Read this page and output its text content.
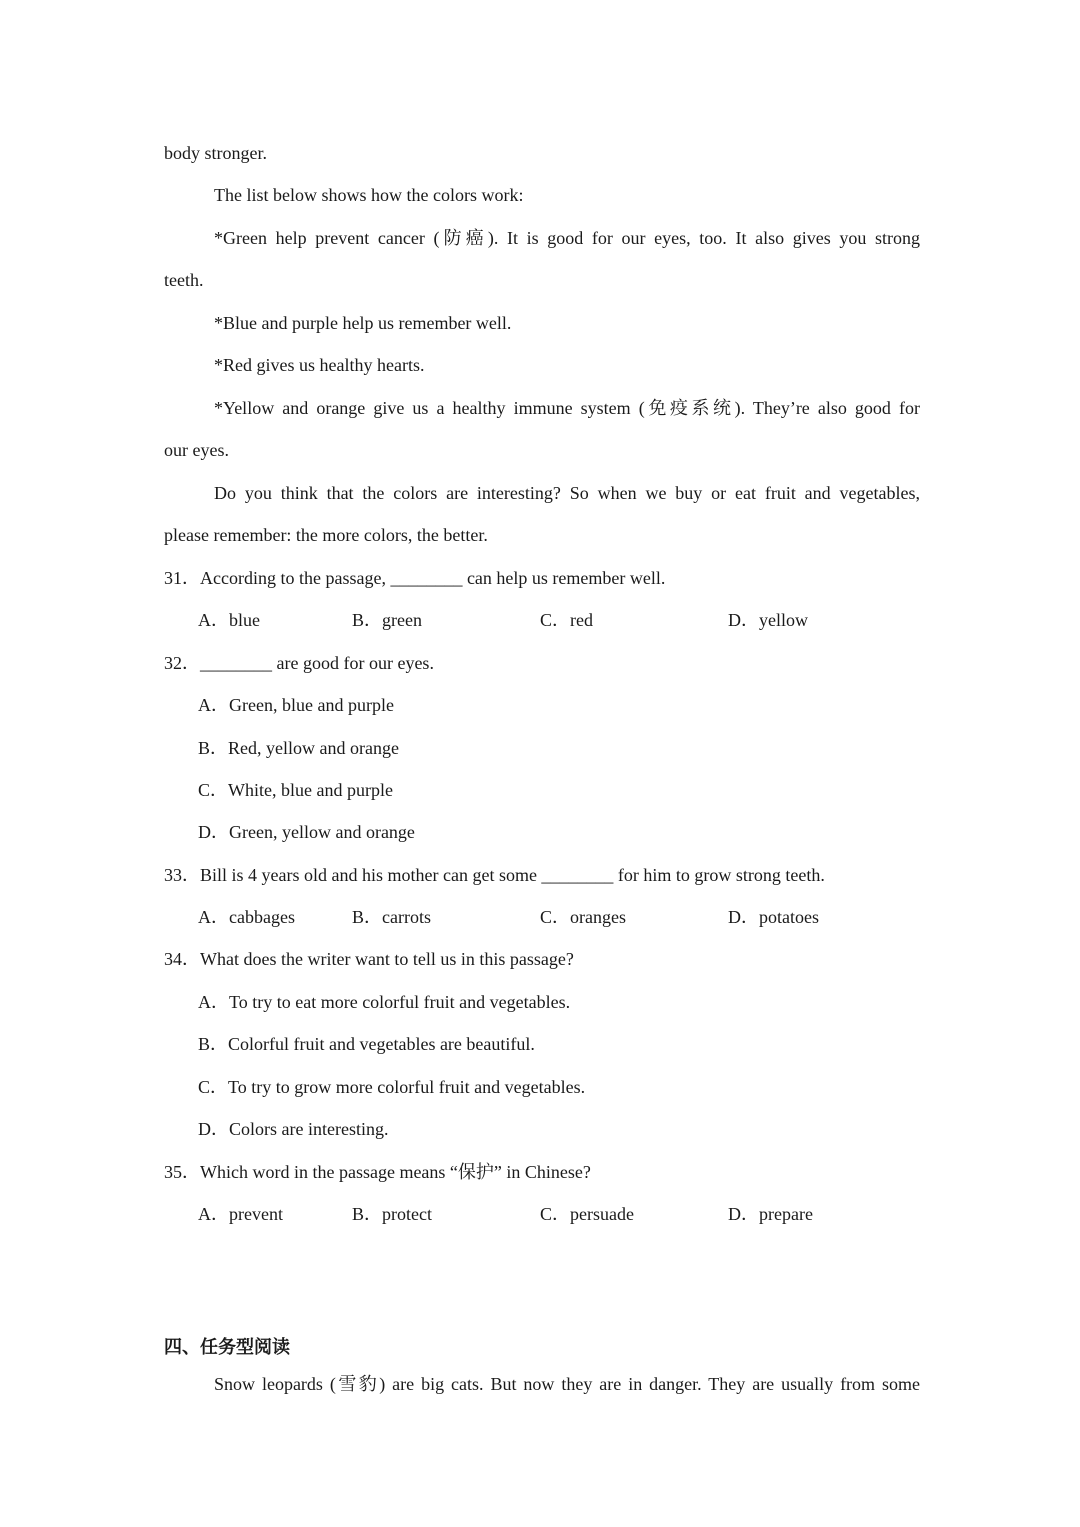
body stronger.
The list below shows how the colors work:
*Green help prevent cancer (防癌). It is good for our eyes, too. It also gives you strong
teeth.
*Blue and purple help us remember well.
*Red gives us healthy hearts.
*Yellow and orange give us a healthy immune system (免疫系统). They’re also good for
our eyes.
Do you think that the colors are interesting? So when we buy or eat fruit and vegetables,
please remember: the more colors, the better.
31．According to the passage, ________ can help us remember well.
A．blue	B．green	C．red	D．yellow
32．________ are good for our eyes.
A．Green, blue and purple
B．Red, yellow and orange
C．White, blue and purple
D．Green, yellow and orange
33．Bill is 4 years old and his mother can get some ________ for him to grow strong teeth.
A．cabbages	B．carrots	C．oranges	D．potatoes
34．What does the writer want to tell us in this passage?
A．To try to eat more colorful fruit and vegetables.
B．Colorful fruit and vegetables are beautiful.
C．To try to grow more colorful fruit and vegetables.
D．Colors are interesting.
35．Which word in the passage means “保护” in Chinese?
A．prevent	B．protect	C．persuade	D．prepare
四、任务型阅读
Snow leopards (雪豹) are big cats. But now they are in danger. They are usually from some
